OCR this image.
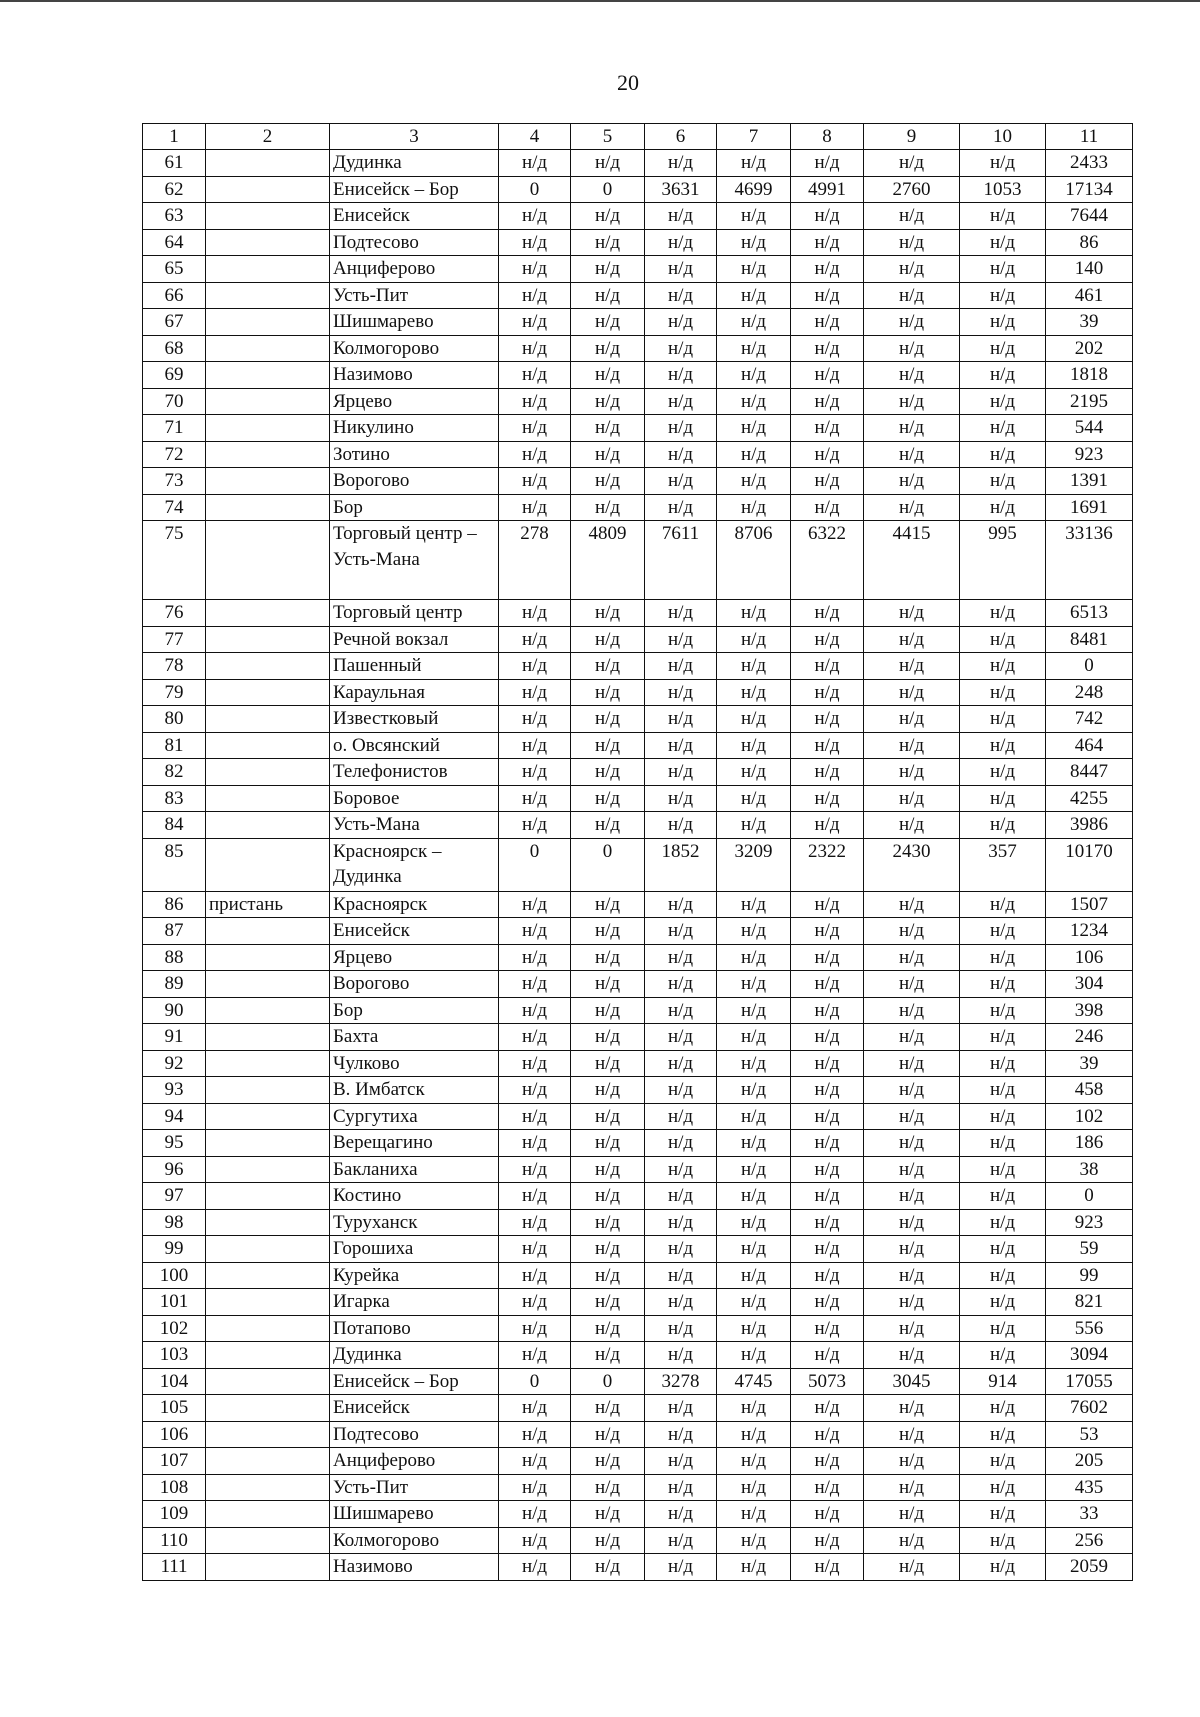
20
1	2	3	4	5	6	7	8	9	10	11
61		Дудинка	н/д	н/д	н/д	н/д	н/д	н/д	н/д	2433
62		Енисейск – Бор	0	0	3631	4699	4991	2760	1053	17134
63		Енисейск	н/д	н/д	н/д	н/д	н/д	н/д	н/д	7644
64		Подтесово	н/д	н/д	н/д	н/д	н/д	н/д	н/д	86
65		Анциферово	н/д	н/д	н/д	н/д	н/д	н/д	н/д	140
66		Усть-Пит	н/д	н/д	н/д	н/д	н/д	н/д	н/д	461
67		Шишмарево	н/д	н/д	н/д	н/д	н/д	н/д	н/д	39
68		Колмогорово	н/д	н/д	н/д	н/д	н/д	н/д	н/д	202
69		Назимово	н/д	н/д	н/д	н/д	н/д	н/д	н/д	1818
70		Ярцево	н/д	н/д	н/д	н/д	н/д	н/д	н/д	2195
71		Никулино	н/д	н/д	н/д	н/д	н/д	н/д	н/д	544
72		Зотино	н/д	н/д	н/д	н/д	н/д	н/д	н/д	923
73		Ворогово	н/д	н/д	н/д	н/д	н/д	н/д	н/д	1391
74		Бор	н/д	н/д	н/д	н/д	н/д	н/д	н/д	1691
75		Торговый центр – Усть-Мана	278	4809	7611	8706	6322	4415	995	33136
76		Торговый центр	н/д	н/д	н/д	н/д	н/д	н/д	н/д	6513
77		Речной вокзал	н/д	н/д	н/д	н/д	н/д	н/д	н/д	8481
78		Пашенный	н/д	н/д	н/д	н/д	н/д	н/д	н/д	0
79		Караульная	н/д	н/д	н/д	н/д	н/д	н/д	н/д	248
80		Известковый	н/д	н/д	н/д	н/д	н/д	н/д	н/д	742
81		о. Овсянский	н/д	н/д	н/д	н/д	н/д	н/д	н/д	464
82		Телефонистов	н/д	н/д	н/д	н/д	н/д	н/д	н/д	8447
83		Боровое	н/д	н/д	н/д	н/д	н/д	н/д	н/д	4255
84		Усть-Мана	н/д	н/д	н/д	н/д	н/д	н/д	н/д	3986
85		Красноярск – Дудинка	0	0	1852	3209	2322	2430	357	10170
86	пристань	Красноярск	н/д	н/д	н/д	н/д	н/д	н/д	н/д	1507
87		Енисейск	н/д	н/д	н/д	н/д	н/д	н/д	н/д	1234
88		Ярцево	н/д	н/д	н/д	н/д	н/д	н/д	н/д	106
89		Ворогово	н/д	н/д	н/д	н/д	н/д	н/д	н/д	304
90		Бор	н/д	н/д	н/д	н/д	н/д	н/д	н/д	398
91		Бахта	н/д	н/д	н/д	н/д	н/д	н/д	н/д	246
92		Чулково	н/д	н/д	н/д	н/д	н/д	н/д	н/д	39
93		В. Имбатск	н/д	н/д	н/д	н/д	н/д	н/д	н/д	458
94		Сургутиха	н/д	н/д	н/д	н/д	н/д	н/д	н/д	102
95		Верещагино	н/д	н/д	н/д	н/д	н/д	н/д	н/д	186
96		Бакланиха	н/д	н/д	н/д	н/д	н/д	н/д	н/д	38
97		Костино	н/д	н/д	н/д	н/д	н/д	н/д	н/д	0
98		Туруханск	н/д	н/д	н/д	н/д	н/д	н/д	н/д	923
99		Горошиха	н/д	н/д	н/д	н/д	н/д	н/д	н/д	59
100		Курейка	н/д	н/д	н/д	н/д	н/д	н/д	н/д	99
101		Игарка	н/д	н/д	н/д	н/д	н/д	н/д	н/д	821
102		Потапово	н/д	н/д	н/д	н/д	н/д	н/д	н/д	556
103		Дудинка	н/д	н/д	н/д	н/д	н/д	н/д	н/д	3094
104		Енисейск – Бор	0	0	3278	4745	5073	3045	914	17055
105		Енисейск	н/д	н/д	н/д	н/д	н/д	н/д	н/д	7602
106		Подтесово	н/д	н/д	н/д	н/д	н/д	н/д	н/д	53
107		Анциферово	н/д	н/д	н/д	н/д	н/д	н/д	н/д	205
108		Усть-Пит	н/д	н/д	н/д	н/д	н/д	н/д	н/д	435
109		Шишмарево	н/д	н/д	н/д	н/д	н/д	н/д	н/д	33
110		Колмогорово	н/д	н/д	н/д	н/д	н/д	н/д	н/д	256
111		Назимово	н/д	н/д	н/д	н/д	н/д	н/д	н/д	2059
